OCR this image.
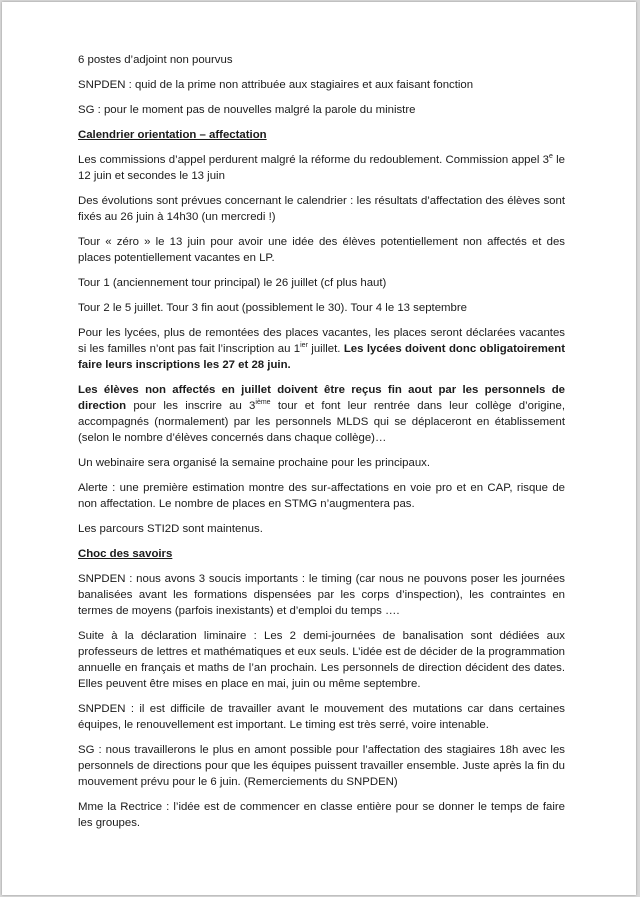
6 postes d’adjoint non pourvus

SNPDEN : quid de la prime non attribuée aux stagiaires et aux faisant fonction

SG : pour le moment pas de nouvelles malgré la parole du ministre

Calendrier orientation – affectation

Les commissions d’appel perdurent malgré la réforme du redoublement. Commission appel 3e le 12 juin et secondes le 13 juin

Des évolutions sont prévues concernant le calendrier : les résultats d’affectation des élèves sont fixés au 26 juin à 14h30 (un mercredi !)

Tour « zéro » le 13 juin pour avoir une idée des élèves potentiellement non affectés et des places potentiellement vacantes en LP.

Tour 1 (anciennement tour principal) le 26 juillet (cf plus haut)

Tour 2 le 5 juillet. Tour 3 fin aout (possiblement le 30). Tour 4 le 13 septembre

Pour les lycées, plus de remontées des places vacantes, les places seront déclarées vacantes si les familles n’ont pas fait l’inscription au $1^{ier}$ juillet. Les lycées doivent donc obligatoirement faire leurs inscriptions les 27 et 28 juin.

Les élèves non affectés en juillet doivent être reçus fin aout par les personnels de direction pour les inscrire au 3ième tour et font leur rentrée dans leur collège d’origine, accompagnés (normalement) par les personnels MLDS qui se déplaceront en établissement (selon le nombre d’élèves concernés dans chaque collège)…

Un webinaire sera organisé la semaine prochaine pour les principaux.

Alerte : une première estimation montre des sur-affectations en voie pro et en CAP, risque de non affectation. Le nombre de places en STMG n’augmentera pas.

Les parcours STI2D sont maintenus.

Choc des savoirs

SNPDEN : nous avons 3 soucis importants : le timing (car nous ne pouvons poser les journées banalisées avant les formations dispensées par les corps d’inspection), les contraintes en termes de moyens (parfois inexistants) et d’emploi du temps ….

Suite à la déclaration liminaire : Les 2 demi-journées de banalisation sont dédiées aux professeurs de lettres et mathématiques et eux seuls. L’idée est de décider de la programmation annuelle en français et maths de l’an prochain. Les personnels de direction décident des dates. Elles peuvent être mises en place en mai, juin ou même septembre.

SNPDEN : il est difficile de travailler avant le mouvement des mutations car dans certaines équipes, le renouvellement est important. Le timing est très serré, voire intenable.

SG : nous travaillerons le plus en amont possible pour l’affectation des stagiaires 18h avec les personnels de directions pour que les équipes puissent travailler ensemble. Juste après la fin du mouvement prévu pour le 6 juin. (Remerciements du SNPDEN)

Mme la Rectrice : l’idée est de commencer en classe entière pour se donner le temps de faire les groupes.
